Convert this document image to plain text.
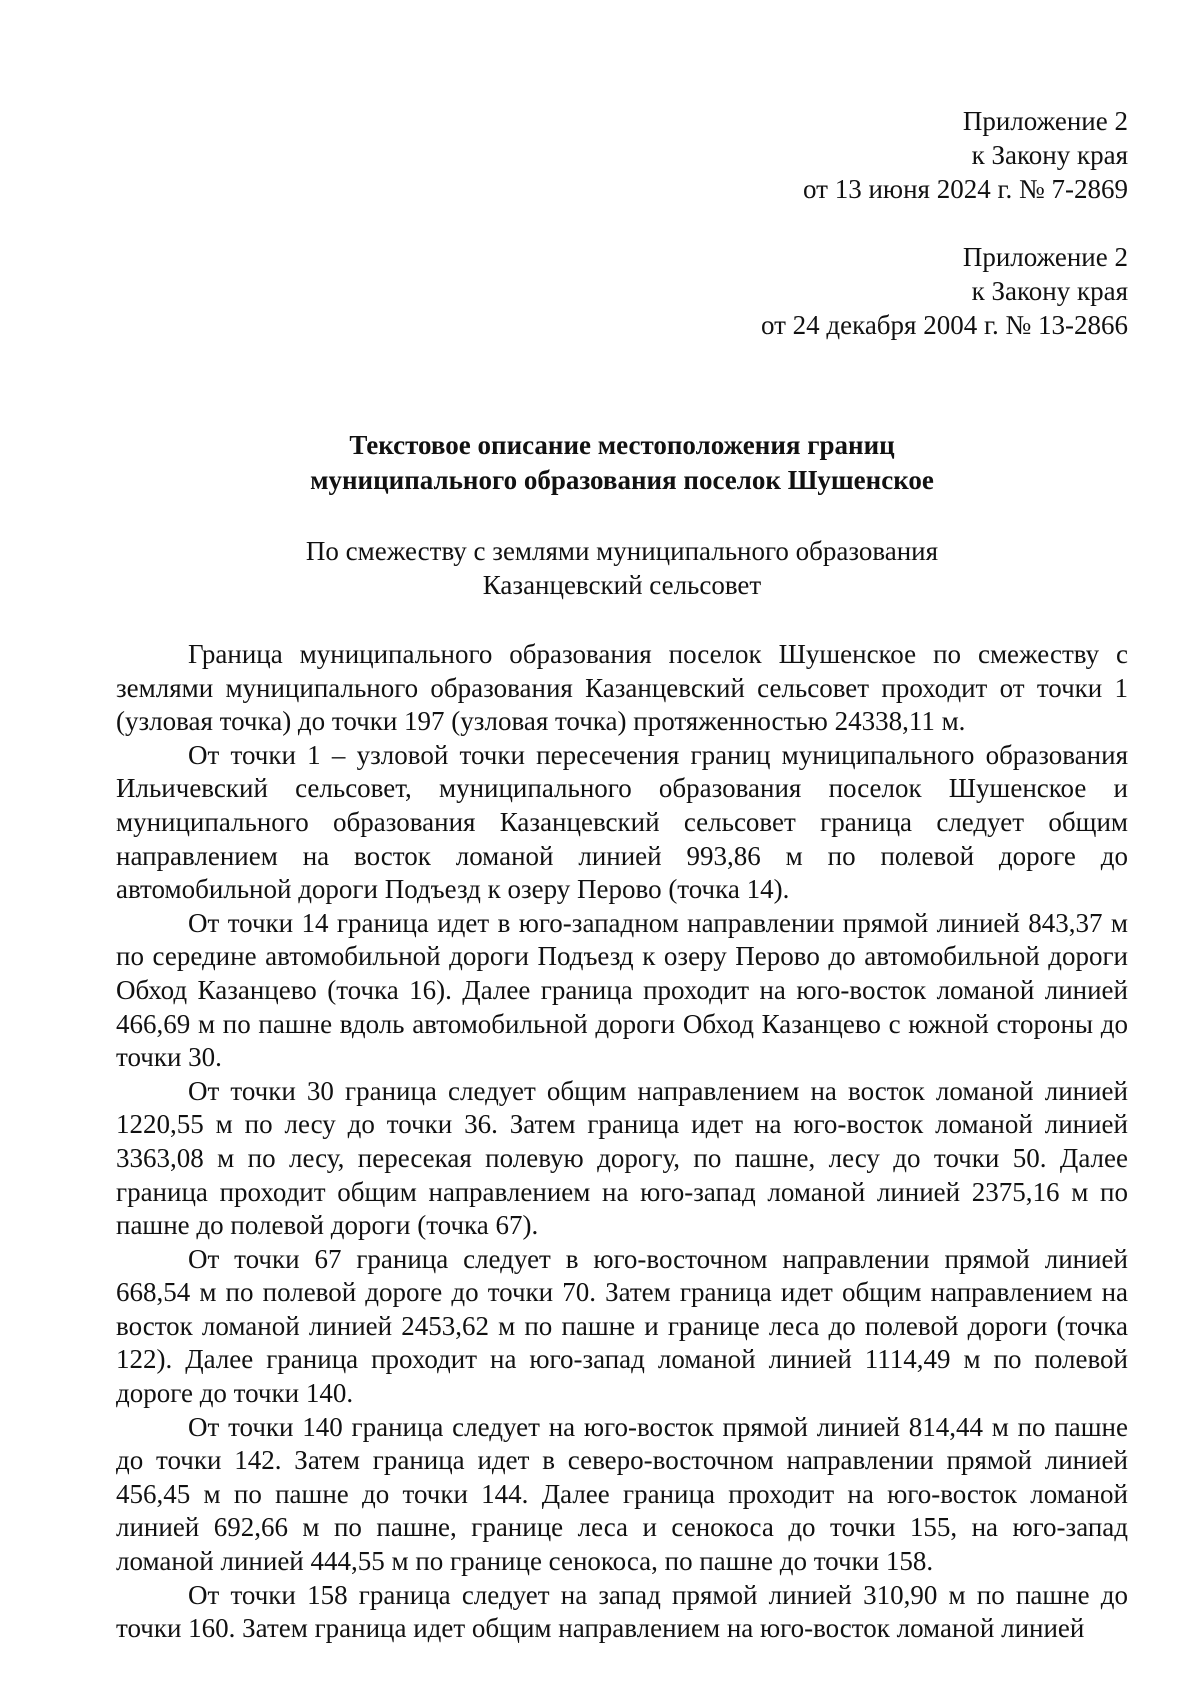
Приложение 2
к Закону края
от 13 июня 2024 г. № 7-2869
Приложение 2
к Закону края
от 24 декабря 2004 г. № 13-2866
Текстовое описание местоположения границ
муниципального образования поселок Шушенское
По смежеству с землями муниципального образования
Казанцевский сельсовет

Граница муниципального образования поселок Шушенское по смежеству с землями муниципального образования Казанцевский сельсовет проходит от точки 1 (узловая точка) до точки 197 (узловая точка) протяженностью 24338,11 м.

От точки 1 – узловой точки пересечения границ муниципального образования Ильичевский сельсовет, муниципального образования поселок Шушенское и муниципального образования Казанцевский сельсовет граница следует общим направлением на восток ломаной линией 993,86 м по полевой дороге до автомобильной дороги Подъезд к озеру Перово (точка 14).

От точки 14 граница идет в юго-западном направлении прямой линией 843,37 м по середине автомобильной дороги Подъезд к озеру Перово до автомобильной дороги Обход Казанцево (точка 16). Далее граница проходит на юго-восток ломаной линией 466,69 м по пашне вдоль автомобильной дороги Обход Казанцево с южной стороны до точки 30.

От точки 30 граница следует общим направлением на восток ломаной линией 1220,55 м по лесу до точки 36. Затем граница идет на юго-восток ломаной линией 3363,08 м по лесу, пересекая полевую дорогу, по пашне, лесу до точки 50. Далее граница проходит общим направлением на юго-запад ломаной линией 2375,16 м по пашне до полевой дороги (точка 67).

От точки 67 граница следует в юго-восточном направлении прямой линией 668,54 м по полевой дороге до точки 70. Затем граница идет общим направлением на восток ломаной линией 2453,62 м по пашне и границе леса до полевой дороги (точка 122). Далее граница проходит на юго-запад ломаной линией 1114,49 м по полевой дороге до точки 140.

От точки 140 граница следует на юго-восток прямой линией 814,44 м по пашне до точки 142. Затем граница идет в северо-восточном направлении прямой линией 456,45 м по пашне до точки 144. Далее граница проходит на юго-восток ломаной линией 692,66 м по пашне, границе леса и сенокоса до точки 155, на юго-запад ломаной линией 444,55 м по границе сенокоса, по пашне до точки 158.

От точки 158 граница следует на запад прямой линией 310,90 м по пашне до точки 160. Затем граница идет общим направлением на юго-восток ломаной линией
